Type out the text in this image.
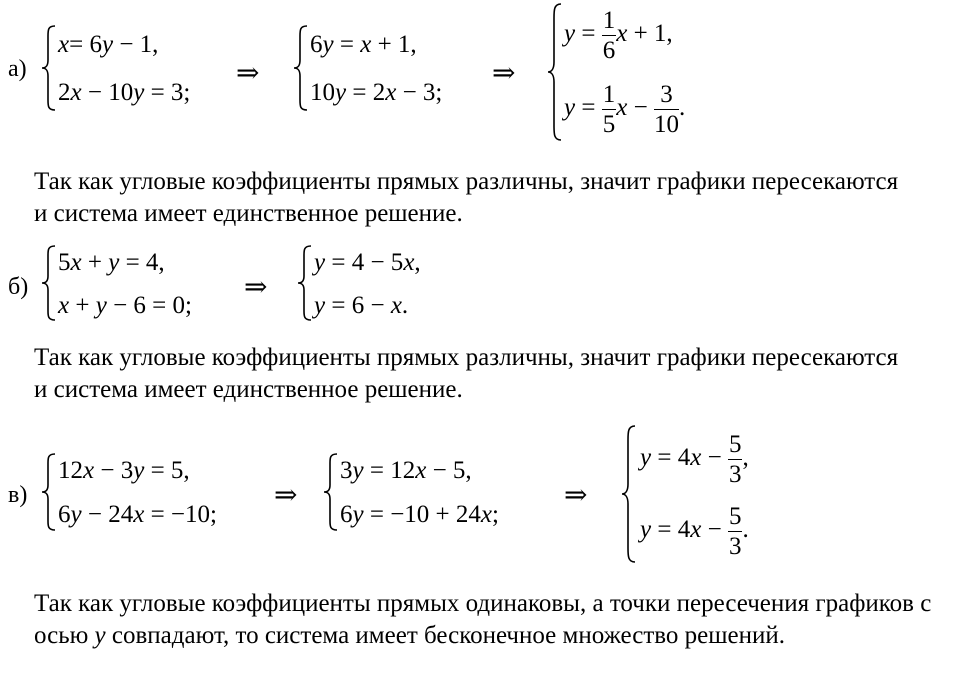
а)
x= 6y − 1,
2x − 10y = 3;
⇒
6y = x + 1,
10y = 2x − 3;
⇒
$y = \frac{1}{6}$ x + 1,
$y = \frac{1}{5}$ $x - \frac{3}{10}$ .
Так как угловые коэффициенты прямых различны, значит графики пересекаются и система имеет единственное решение.
б)
5x + y = 4,
x + y − 6 = 0;
⇒
y = 4 − 5x,
y = 6 − x.
Так как угловые коэффициенты прямых различны, значит графики пересекаются и система имеет единственное решение.
в)
12x − 3y = 5,
6y − 24x = −10;
⇒
3y = 12x − 5,
6y = −10 + 24x;
⇒
$y = 4x - \frac{5}{3}$ ,
$y = 4x - \frac{5}{3}$ .
Так как угловые коэффициенты прямых одинаковы, а точки пересечения графиков с осью y совпадают, то система имеет бесконечное множество решений.
